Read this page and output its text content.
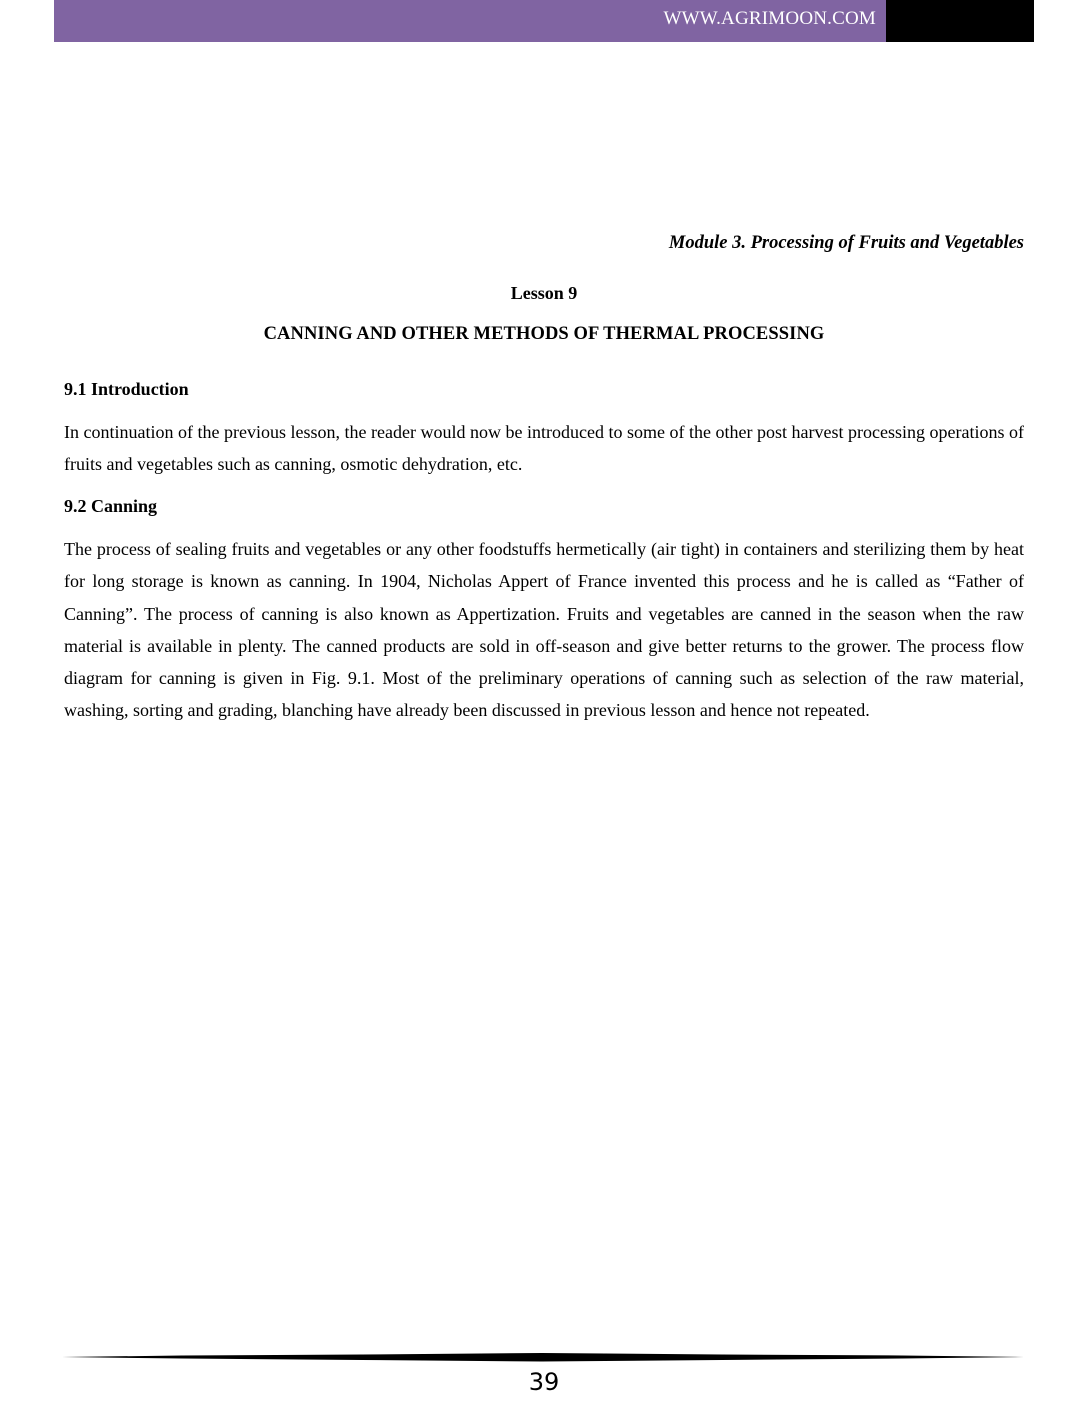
WWW.AGRIMOON.COM
Module 3. Processing of Fruits and Vegetables
Lesson 9
CANNING AND OTHER METHODS OF THERMAL PROCESSING
9.1 Introduction
In continuation of the previous lesson, the reader would now be introduced to some of the other post harvest processing operations of fruits and vegetables such as canning, osmotic dehydration, etc.
9.2 Canning
The process of sealing fruits and vegetables or any other foodstuffs hermetically (air tight) in containers and sterilizing them by heat for long storage is known as canning. In 1904, Nicholas Appert of France invented this process and he is called as “Father of Canning”. The process of canning is also known as Appertization. Fruits and vegetables are canned in the season when the raw material is available in plenty. The canned products are sold in off-season and give better returns to the grower. The process flow diagram for canning is given in Fig. 9.1. Most of the preliminary operations of canning such as selection of the raw material, washing, sorting and grading, blanching have already been discussed in previous lesson and hence not repeated.
39
